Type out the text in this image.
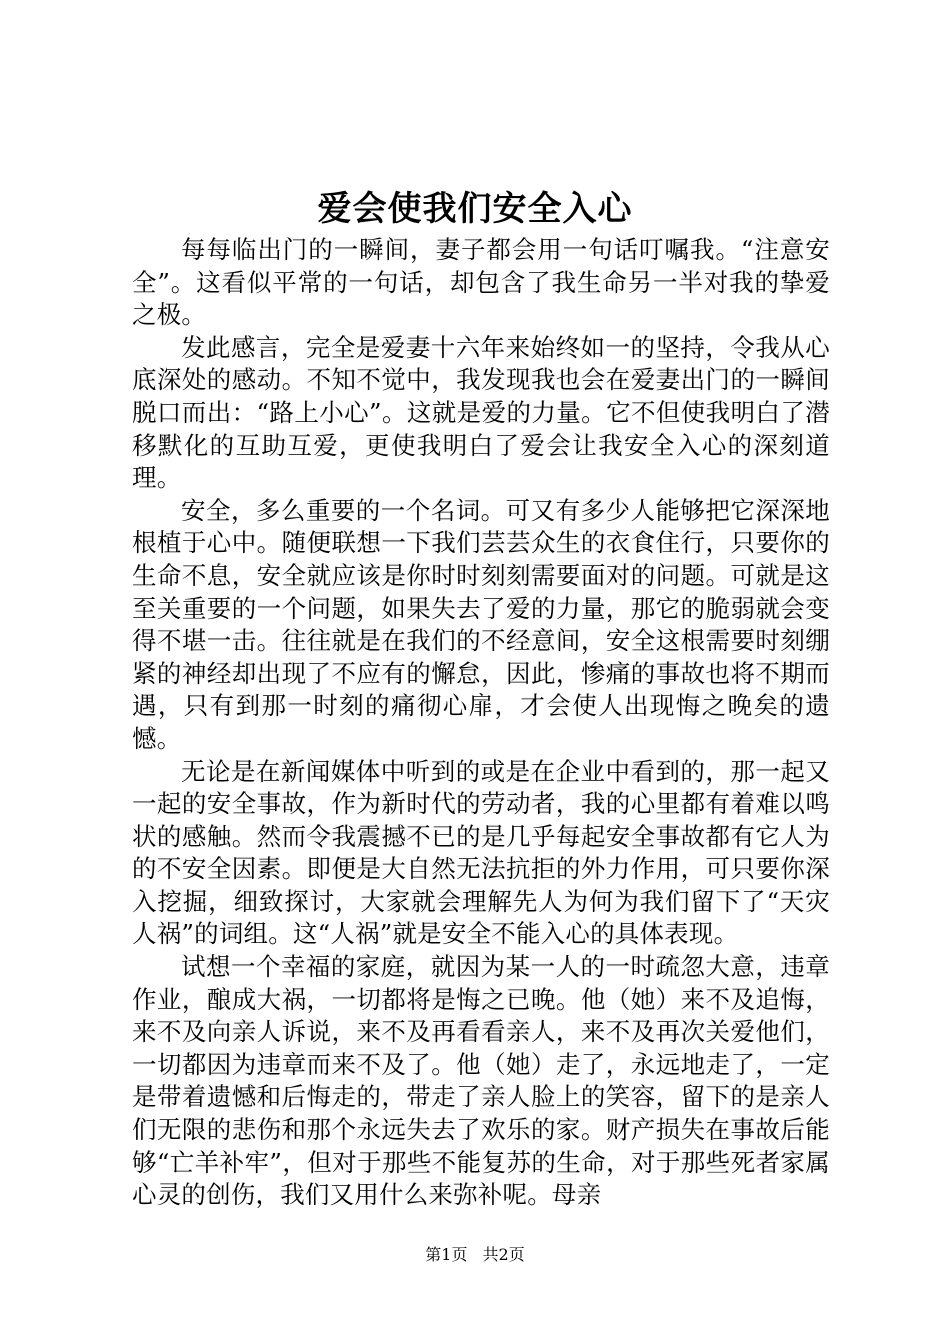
爱会使我们安全入心

每每临出门的一瞬间，妻子都会用一句话叮嘱我。“注意安全”。这看似平常的一句话，却包含了我生命另一半对我的挚爱之极。

发此感言，完全是爱妻十六年来始终如一的坚持，令我从心底深处的感动。不知不觉中，我发现我也会在爱妻出门的一瞬间脱口而出：“路上小心”。这就是爱的力量。它不但使我明白了潜移默化的互助互爱，更使我明白了爱会让我安全入心的深刻道理。

安全，多么重要的一个名词。可又有多少人能够把它深深地根植于心中。随便联想一下我们芸芸众生的衣食住行，只要你的生命不息，安全就应该是你时时刻刻需要面对的问题。可就是这至关重要的一个问题，如果失去了爱的力量，那它的脆弱就会变得不堪一击。往往就是在我们的不经意间，安全这根需要时刻绷紧的神经却出现了不应有的懈怠，因此，惨痛的事故也将不期而遇，只有到那一时刻的痛彻心扉，才会使人出现悔之晚矣的遗憾。

无论是在新闻媒体中听到的或是在企业中看到的，那一起又一起的安全事故，作为新时代的劳动者，我的心里都有着难以鸣状的感触。然而令我震撼不已的是几乎每起安全事故都有它人为的不安全因素。即便是大自然无法抗拒的外力作用，可只要你深入挖掘，细致探讨，大家就会理解先人为何为我们留下了“天灾人祸”的词组。这“人祸”就是安全不能入心的具体表现。

试想一个幸福的家庭，就因为某一人的一时疏忽大意，违章作业，酿成大祸，一切都将是悔之已晚。他（她）来不及追悔，来不及向亲人诉说，来不及再看看亲人，来不及再次关爱他们，一切都因为违章而来不及了。他（她）走了，永远地走了，一定是带着遗憾和后悔走的，带走了亲人脸上的笑容，留下的是亲人们无限的悲伤和那个永远失去了欢乐的家。财产损失在事故后能够“亡羊补牢”，但对于那些不能复苏的生命，对于那些死者家属心灵的创伤，我们又用什么来弥补呢。母亲

第1页 共2页
